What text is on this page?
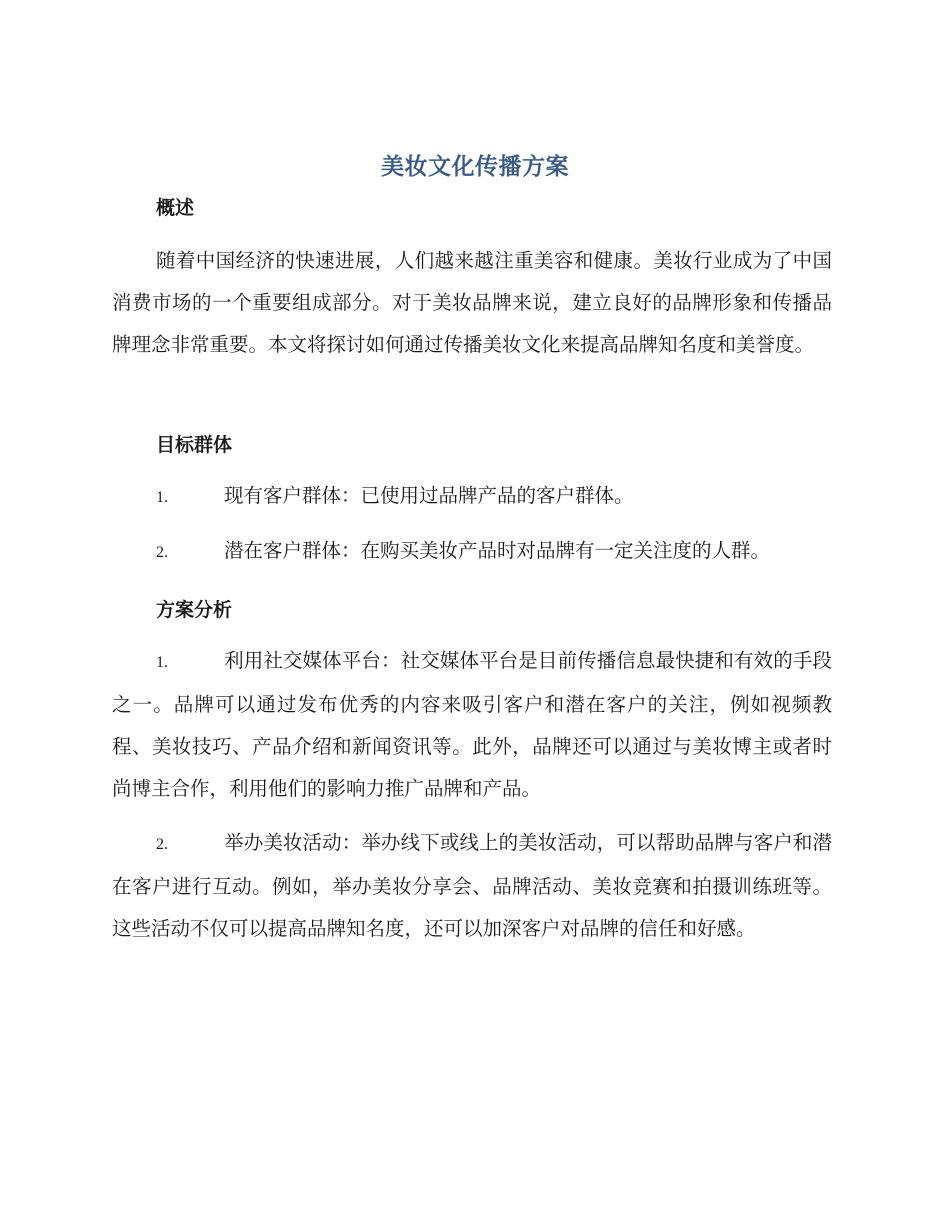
美妆文化传播方案
概述

随着中国经济的快速进展，人们越来越注重美容和健康。美妆行业成为了中国消费市场的一个重要组成部分。对于美妆品牌来说，建立良好的品牌形象和传播品牌理念非常重要。本文将探讨如何通过传播美妆文化来提高品牌知名度和美誉度。

目标群体

1.	现有客户群体：已使用过品牌产品的客户群体。

2.	潜在客户群体：在购买美妆产品时对品牌有一定关注度的人群。

方案分析

1.	利用社交媒体平台：社交媒体平台是目前传播信息最快捷和有效的手段之一。品牌可以通过发布优秀的内容来吸引客户和潜在客户的关注，例如视频教程、美妆技巧、产品介绍和新闻资讯等。此外，品牌还可以通过与美妆博主或者时尚博主合作，利用他们的影响力推广品牌和产品。

2.	举办美妆活动：举办线下或线上的美妆活动，可以帮助品牌与客户和潜在客户进行互动。例如，举办美妆分享会、品牌活动、美妆竞赛和拍摄训练班等。这些活动不仅可以提高品牌知名度，还可以加深客户对品牌的信任和好感。
